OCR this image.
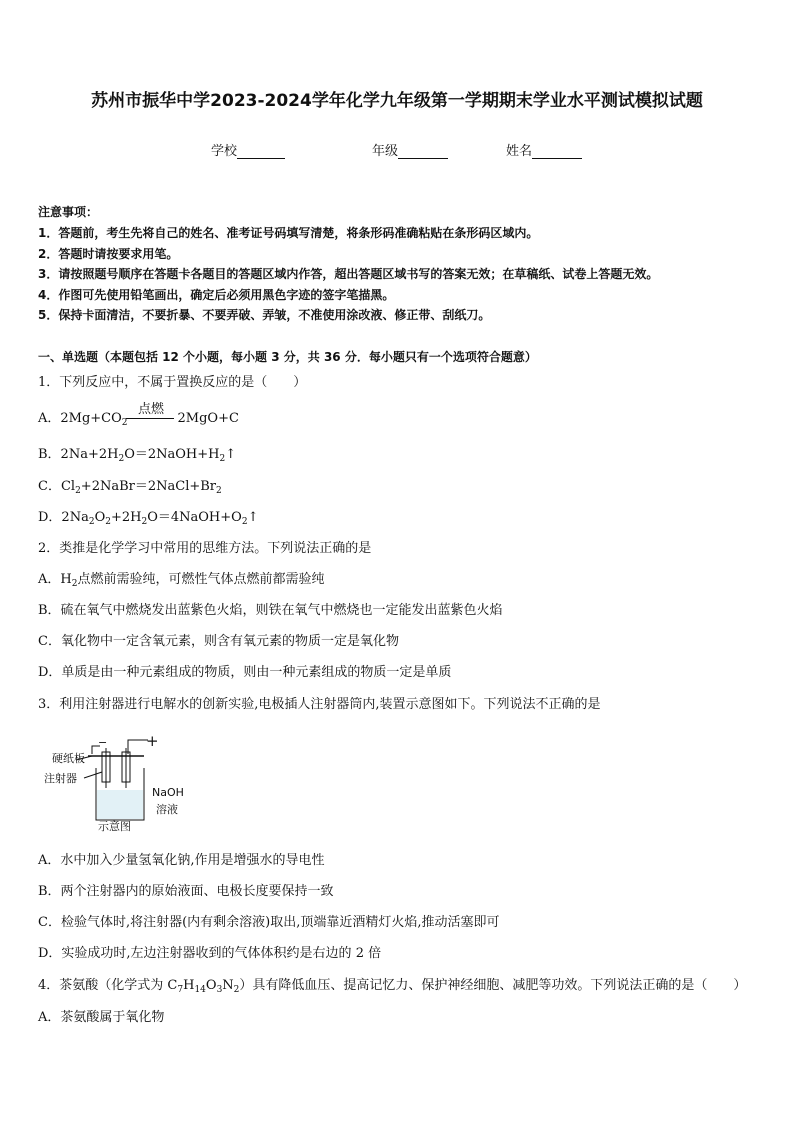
苏州市振华中学2023-2024学年化学九年级第一学期期末学业水平测试模拟试题
学校	年级	姓名
注意事项：
1．答题前，考生先将自己的姓名、准考证号码填写清楚，将条形码准确粘贴在条形码区域内。
2．答题时请按要求用笔。
3．请按照题号顺序在答题卡各题目的答题区域内作答，超出答题区域书写的答案无效；在草稿纸、试卷上答题无效。
4．作图可先使用铅笔画出，确定后必须用黑色字迹的签字笔描黑。
5．保持卡面清洁，不要折暴、不要弄破、弄皱，不准使用涂改液、修正带、刮纸刀。
一、单选题（本题包括 12 个小题，每小题 3 分，共 36 分．每小题只有一个选项符合题意）
1．下列反应中，不属于置换反应的是（　　）
点燃
A．$2Mg+CO_2$	2MgO+C
B．$2Na+2H_2O=2NaOH+H_2↑$
C．$Cl_2+2NaBr=2NaCl+Br_2$
D．$2Na_2O_2+2H_2O=4NaOH+O_2↑$
2．类推是化学学习中常用的思维方法。下列说法正确的是
A．$H_2$点燃前需验纯，可燃性气体点燃前都需验纯
B．硫在氧气中燃烧发出蓝紫色火焰，则铁在氧气中燃烧也一定能发出蓝紫色火焰
C．氧化物中一定含氧元素，则含有氧元素的物质一定是氧化物
D．单质是由一种元素组成的物质，则由一种元素组成的物质一定是单质
3．利用注射器进行电解水的创新实验,电极插人注射器筒内,装置示意图如下。下列说法不正确的是
硬纸板
注射器
NaOH
溶液
示意图
−	+
A．水中加入少量氢氧化钠,作用是增强水的导电性
B．两个注射器内的原始液面、电极长度要保持一致
C．检验气体时,将注射器(内有剩余溶液)取出,顶端靠近酒精灯火焰,推动活塞即可
D．实验成功时,左边注射器收到的气体体积约是右边的 2 倍
4．茶氨酸（化学式为 $C_7H_{14}O_3N_2$）具有降低血压、提高记忆力、保护神经细胞、减肥等功效。下列说法正确的是（　　）
A．茶氨酸属于氧化物
